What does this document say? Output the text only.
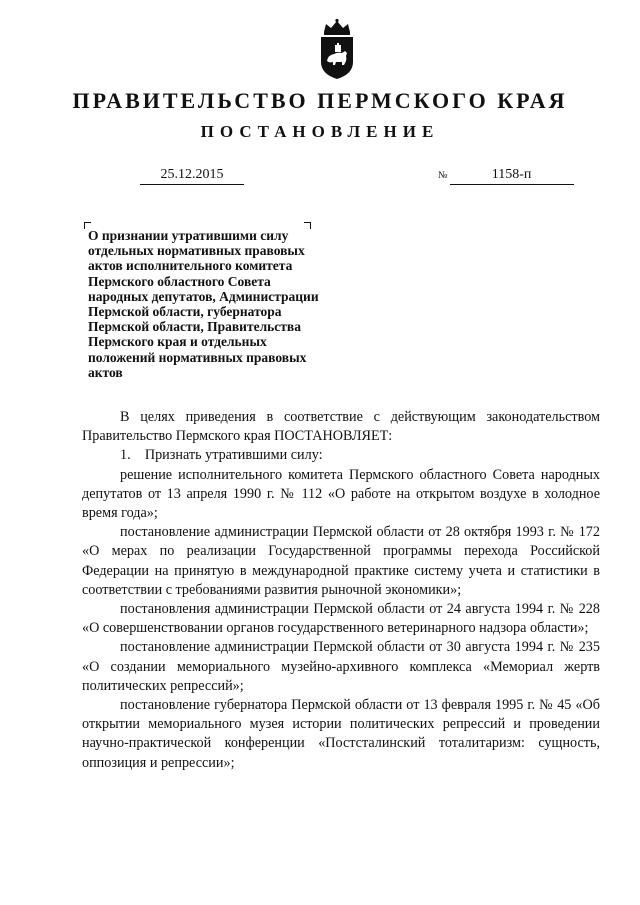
ПРАВИТЕЛЬСТВО ПЕРМСКОГО КРАЯ
ПОСТАНОВЛЕНИЕ
25.12.2015	№	1158-п
О признании утратившими силу отдельных нормативных правовых актов исполнительного комитета Пермского областного Совета народных депутатов, Администрации Пермской области, губернатора Пермской области, Правительства Пермского края и отдельных положений нормативных правовых актов

В целях приведения в соответствие с действующим законодательством Правительство Пермского края ПОСТАНОВЛЯЕТ:

1. Признать утратившими силу:

решение исполнительного комитета Пермского областного Совета народных депутатов от 13 апреля 1990 г. № 112 «О работе на открытом воздухе в холодное время года»;

постановление администрации Пермской области от 28 октября 1993 г. № 172 «О мерах по реализации Государственной программы перехода Российской Федерации на принятую в международной практике систему учета и статистики в соответствии с требованиями развития рыночной экономики»;

постановления администрации Пермской области от 24 августа 1994 г. № 228 «О совершенствовании органов государственного ветеринарного надзора области»;

постановление администрации Пермской области от 30 августа 1994 г. № 235 «О создании мемориального музейно-архивного комплекса «Мемориал жертв политических репрессий»;

постановление губернатора Пермской области от 13 февраля 1995 г. № 45 «Об открытии мемориального музея истории политических репрессий и проведении научно-практической конференции «Постсталинский тоталитаризм: сущность, оппозиция и репрессии»;
